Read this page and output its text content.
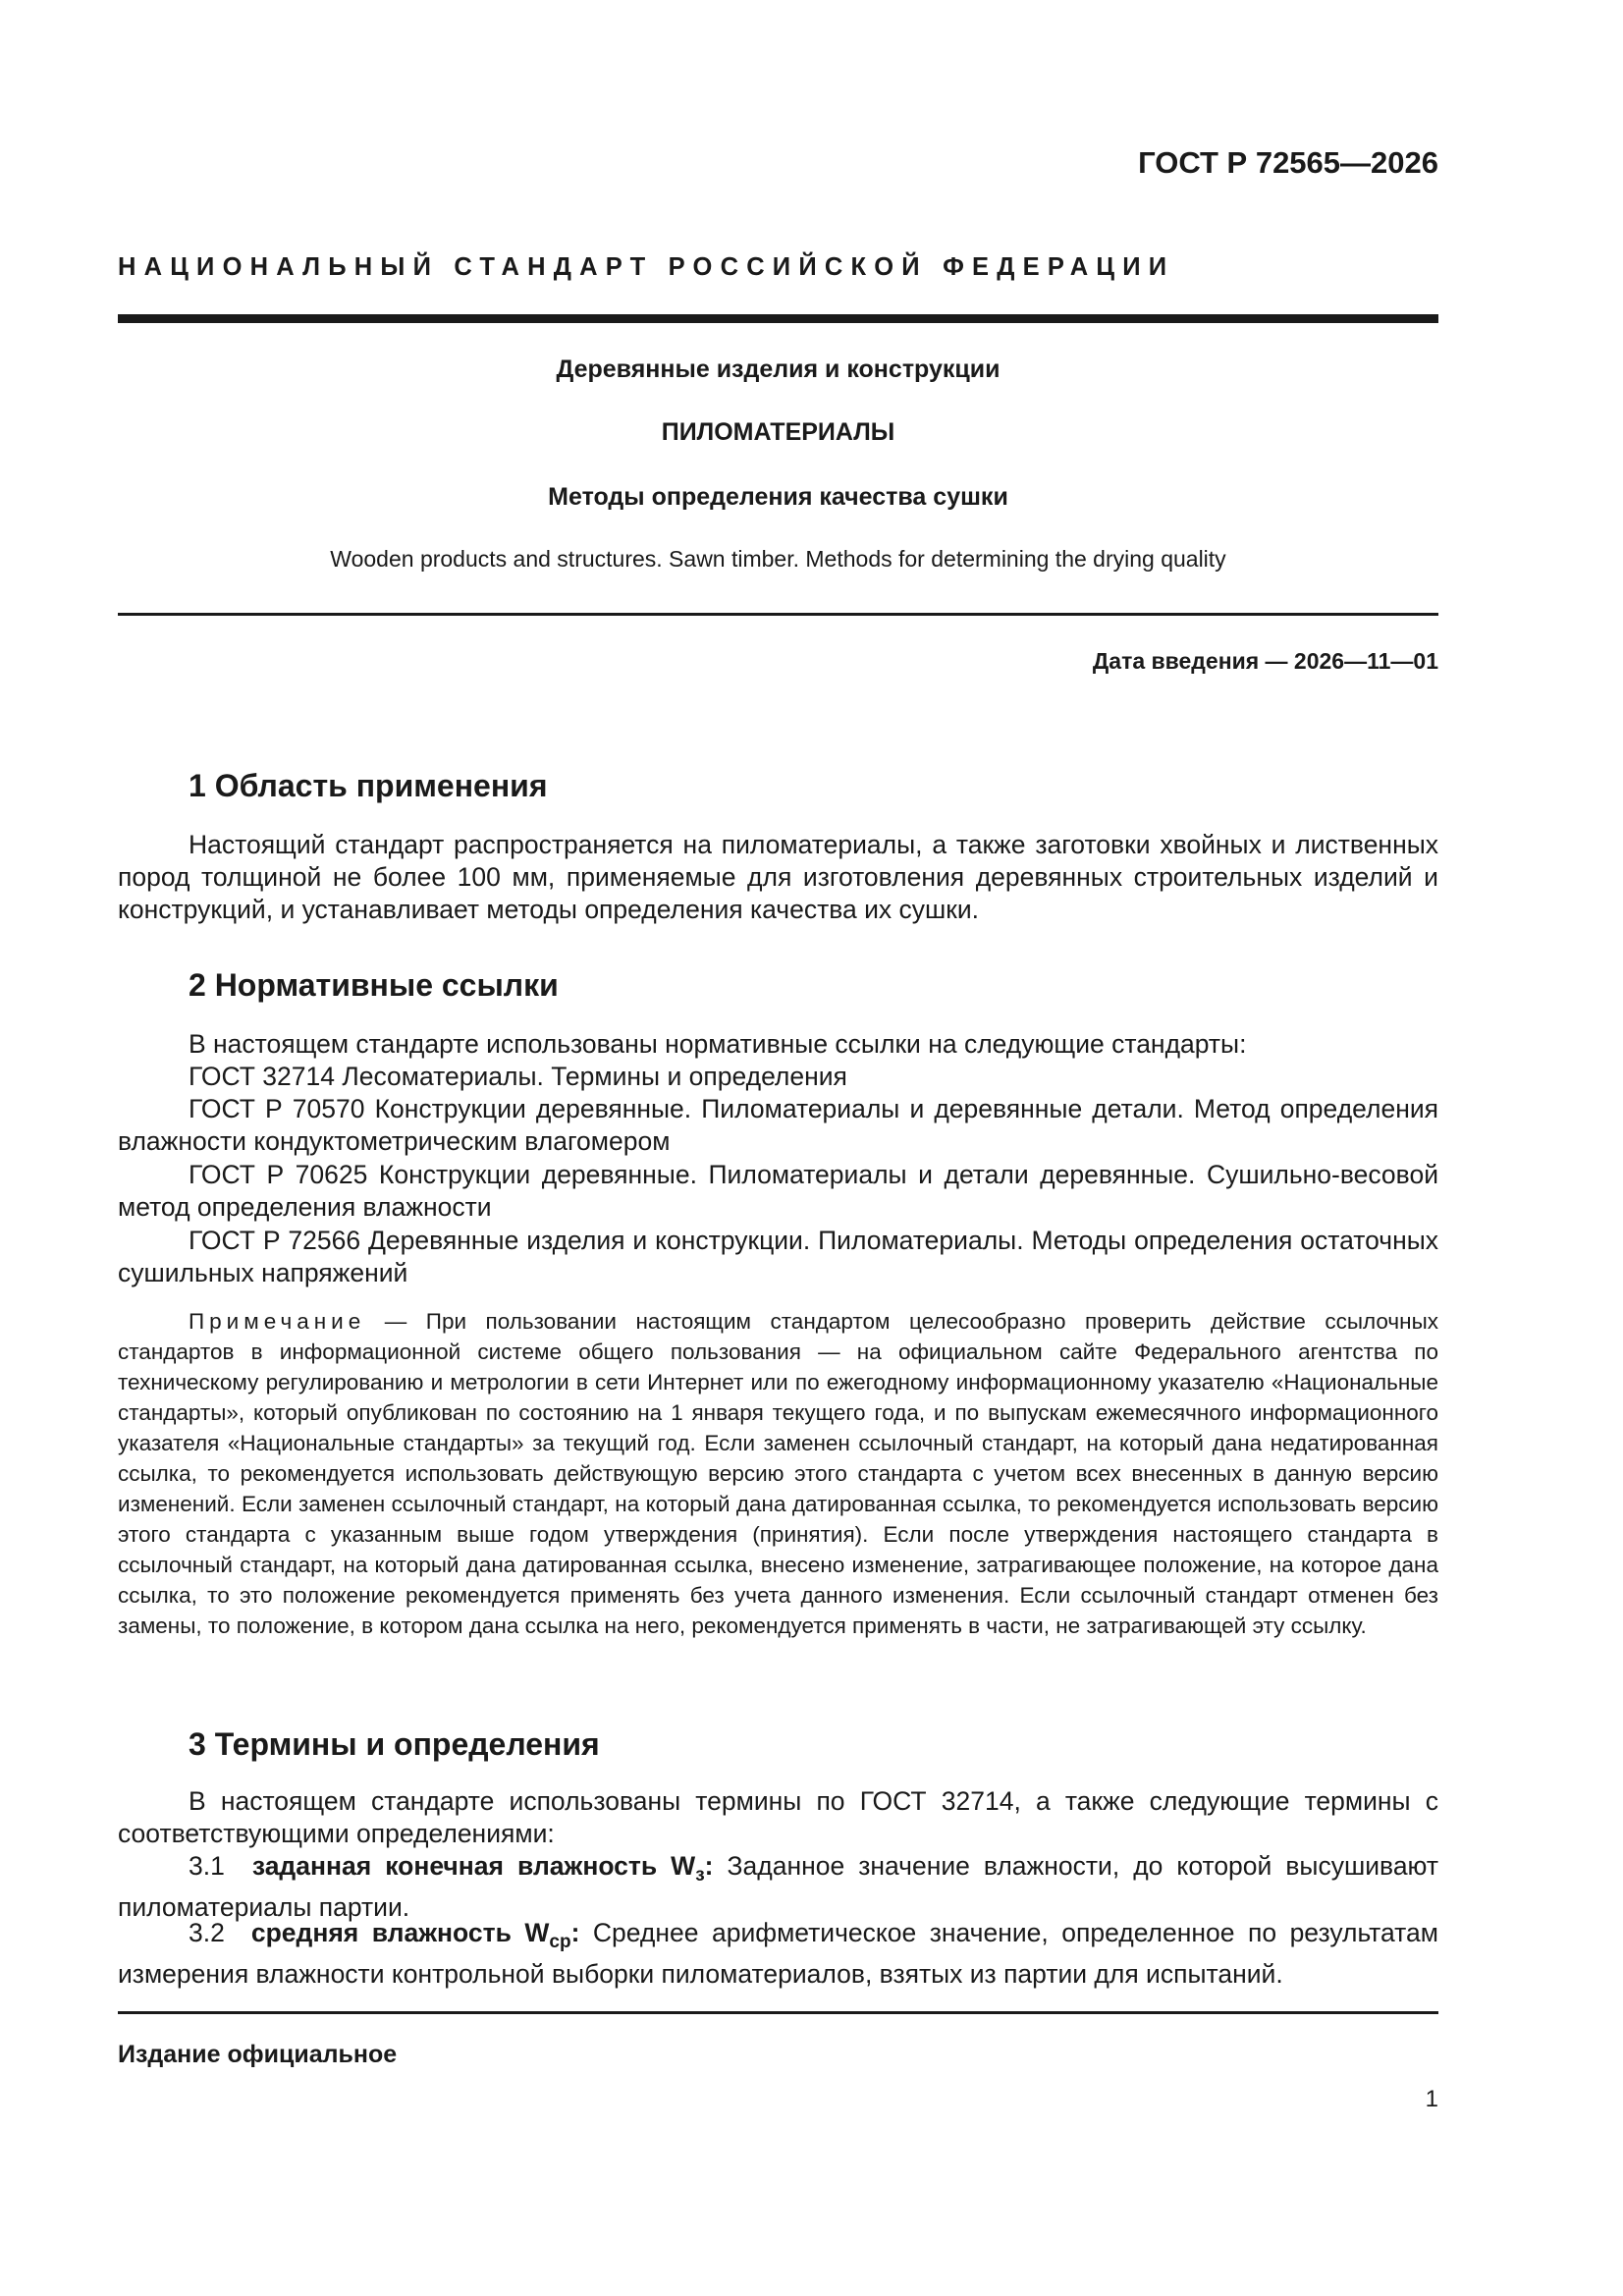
ГОСТ Р 72565—2026
НАЦИОНАЛЬНЫЙ СТАНДАРТ РОССИЙСКОЙ ФЕДЕРАЦИИ
Деревянные изделия и конструкции
ПИЛОМАТЕРИАЛЫ
Методы определения качества сушки
Wooden products and structures. Sawn timber. Methods for determining the drying quality
Дата введения — 2026—11—01
1 Область применения

Настоящий стандарт распространяется на пиломатериалы, а также заготовки хвойных и лиственных пород толщиной не более 100 мм, применяемые для изготовления деревянных строительных изделий и конструкций, и устанавливает методы определения качества их сушки.

2 Нормативные ссылки

В настоящем стандарте использованы нормативные ссылки на следующие стандарты:

ГОСТ 32714 Лесоматериалы. Термины и определения

ГОСТ Р 70570 Конструкции деревянные. Пиломатериалы и деревянные детали. Метод определения влажности кондуктометрическим влагомером

ГОСТ Р 70625 Конструкции деревянные. Пиломатериалы и детали деревянные. Сушильно-весовой метод определения влажности

ГОСТ Р 72566 Деревянные изделия и конструкции. Пиломатериалы. Методы определения остаточных сушильных напряжений

Примечание — При пользовании настоящим стандартом целесообразно проверить действие ссылочных стандартов в информационной системе общего пользования — на официальном сайте Федерального агентства по техническому регулированию и метрологии в сети Интернет или по ежегодному информационному указателю «Национальные стандарты», который опубликован по состоянию на 1 января текущего года, и по выпускам ежемесячного информационного указателя «Национальные стандарты» за текущий год. Если заменен ссылочный стандарт, на который дана недатированная ссылка, то рекомендуется использовать действующую версию этого стандарта с учетом всех внесенных в данную версию изменений. Если заменен ссылочный стандарт, на который дана датированная ссылка, то рекомендуется использовать версию этого стандарта с указанным выше годом утверждения (принятия). Если после утверждения настоящего стандарта в ссылочный стандарт, на который дана датированная ссылка, внесено изменение, затрагивающее положение, на которое дана ссылка, то это положение рекомендуется применять без учета данного изменения. Если ссылочный стандарт отменен без замены, то положение, в котором дана ссылка на него, рекомендуется применять в части, не затрагивающей эту ссылку.

3 Термины и определения

В настоящем стандарте использованы термины по ГОСТ 32714, а также следующие термины с соответствующими определениями:

3.1 заданная конечная влажность $W_з$: Заданное значение влажности, до которой высушивают пиломатериалы партии.

3.2 средняя влажность $W_{ср}$: Среднее арифметическое значение, определенное по результатам измерения влажности контрольной выборки пиломатериалов, взятых из партии для испытаний.

Издание официальное
1
